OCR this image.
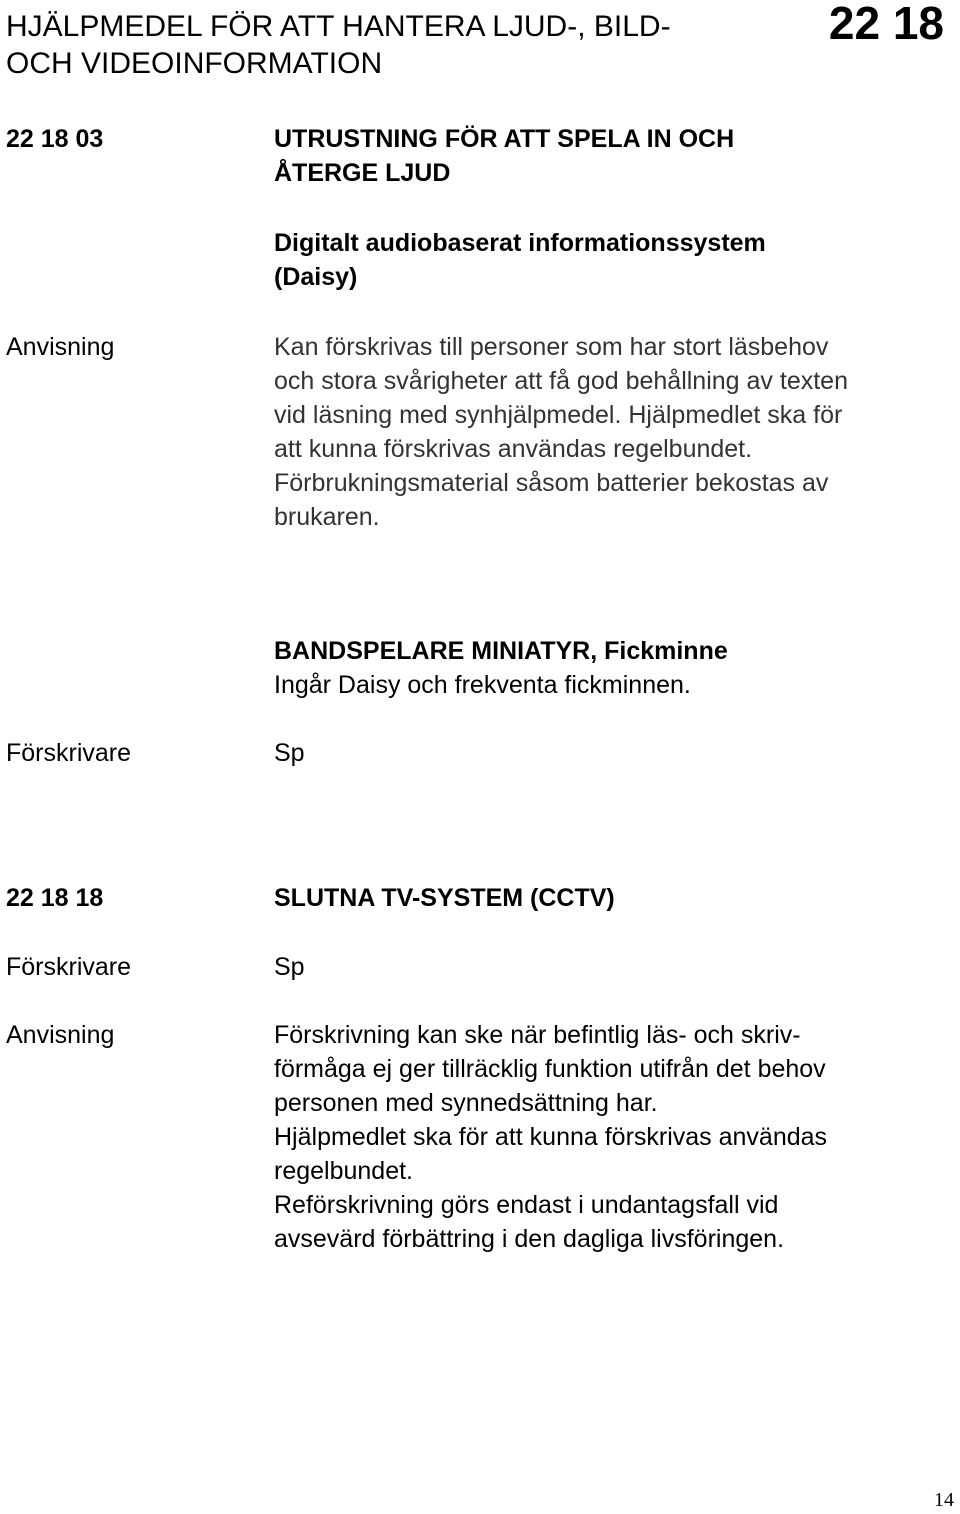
HJÄLPMEDEL FÖR ATT HANTERA LJUD-, BILD-
OCH VIDEOINFORMATION
22 18
22 18 03	UTRUSTNING FÖR ATT SPELA IN OCH
ÅTERGE LJUD
Digitalt audiobaserat informationssystem
(Daisy)
Anvisning	Kan förskrivas till personer som har stort läsbehov
och stora svårigheter att få god behållning av texten
vid läsning med synhjälpmedel. Hjälpmedlet ska för
att kunna förskrivas användas regelbundet.
Förbrukningsmaterial såsom batterier bekostas av
brukaren.
BANDSPELARE MINIATYR, Fickminne
Ingår Daisy och frekventa fickminnen.
Förskrivare	Sp
22 18 18	SLUTNA TV-SYSTEM (CCTV)
Förskrivare	Sp
Anvisning	Förskrivning kan ske när befintlig läs- och skriv-
förmåga ej ger tillräcklig funktion utifrån det behov
personen med synnedsättning har.
Hjälpmedlet ska för att kunna förskrivas användas
regelbundet.
Reförskrivning görs endast i undantagsfall vid
avsevärd förbättring i den dagliga livsföringen.
14
